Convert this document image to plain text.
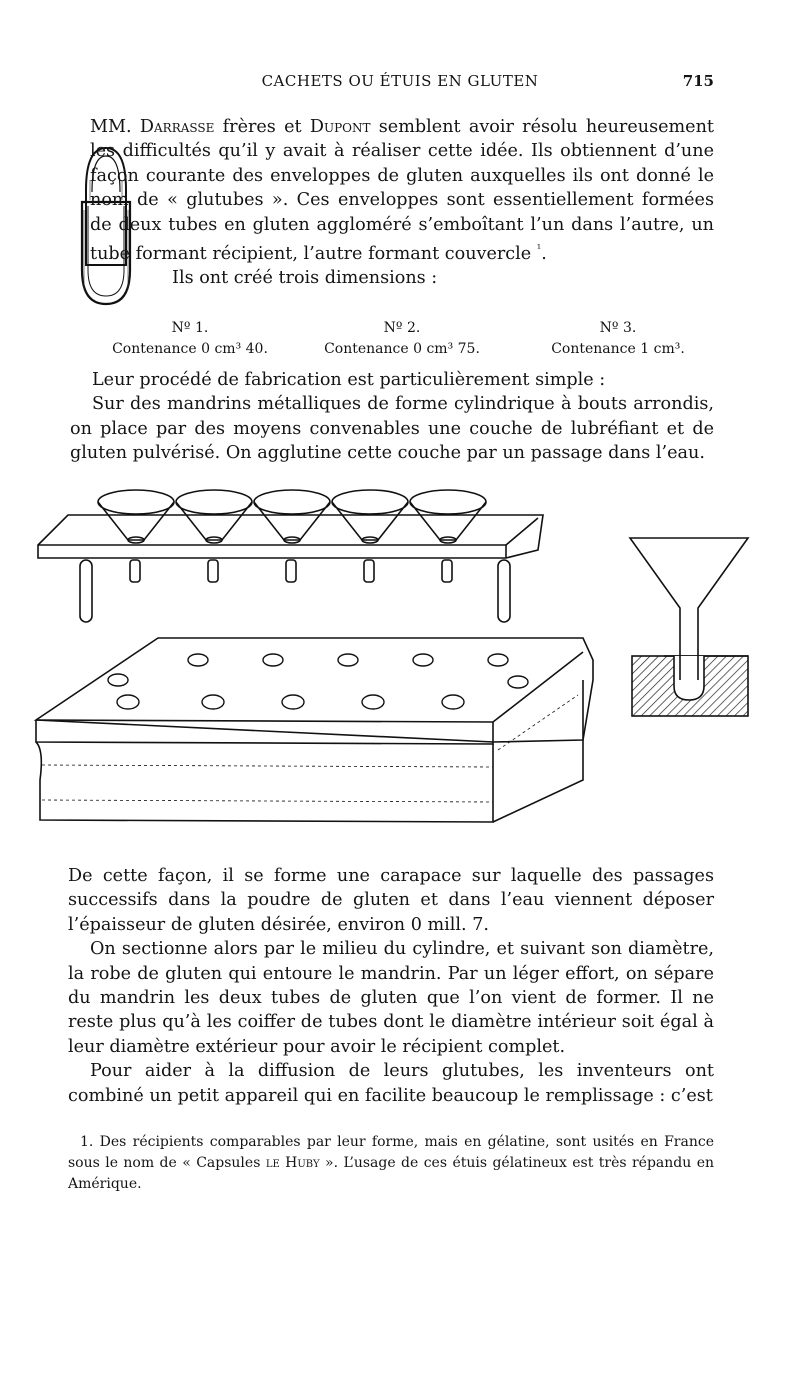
CACHETS OU ÉTUIS EN GLUTEN	715

MM. Darrasse frères et Dupont semblent avoir résolu heureusement les difficultés qu’il y avait à réaliser cette idée. Ils obtiennent d’une façon courante des enveloppes de gluten auxquelles ils ont donné le nom de « glutubes ». Ces enveloppes sont essentiellement formées de deux tubes en gluten aggloméré s’emboîtant l’un dans l’autre, un tube formant récipient, l’autre formant couvercle $^{^1}$.

Ils ont créé trois dimensions :

Nº 1.
Contenance 0 cm³ 40.
Nº 2.
Contenance 0 cm³ 75.
Nº 3.
Contenance 1 cm³.

Leur procédé de fabrication est particulièrement simple :

Sur des mandrins métalliques de forme cylindrique à bouts arrondis, on place par des moyens convenables une couche de lubréfiant et de gluten pulvérisé. On agglutine cette couche par un passage dans l’eau.

De cette façon, il se forme une carapace sur laquelle des passages successifs dans la poudre de gluten et dans l’eau viennent déposer l’épaisseur de gluten désirée, environ 0 mill. 7.

On sectionne alors par le milieu du cylindre, et suivant son diamètre, la robe de gluten qui entoure le mandrin. Par un léger effort, on sépare du mandrin les deux tubes de gluten que l’on vient de former. Il ne reste plus qu’à les coiffer de tubes dont le diamètre intérieur soit égal à leur diamètre extérieur pour avoir le récipient complet.

Pour aider à la diffusion de leurs glutubes, les inventeurs ont combiné un petit appareil qui en facilite beaucoup le remplissage : c’est

1. Des récipients comparables par leur forme, mais en gélatine, sont usités en France sous le nom de « Capsules le Huby ». L’usage de ces étuis gélatineux est très répandu en Amérique.
